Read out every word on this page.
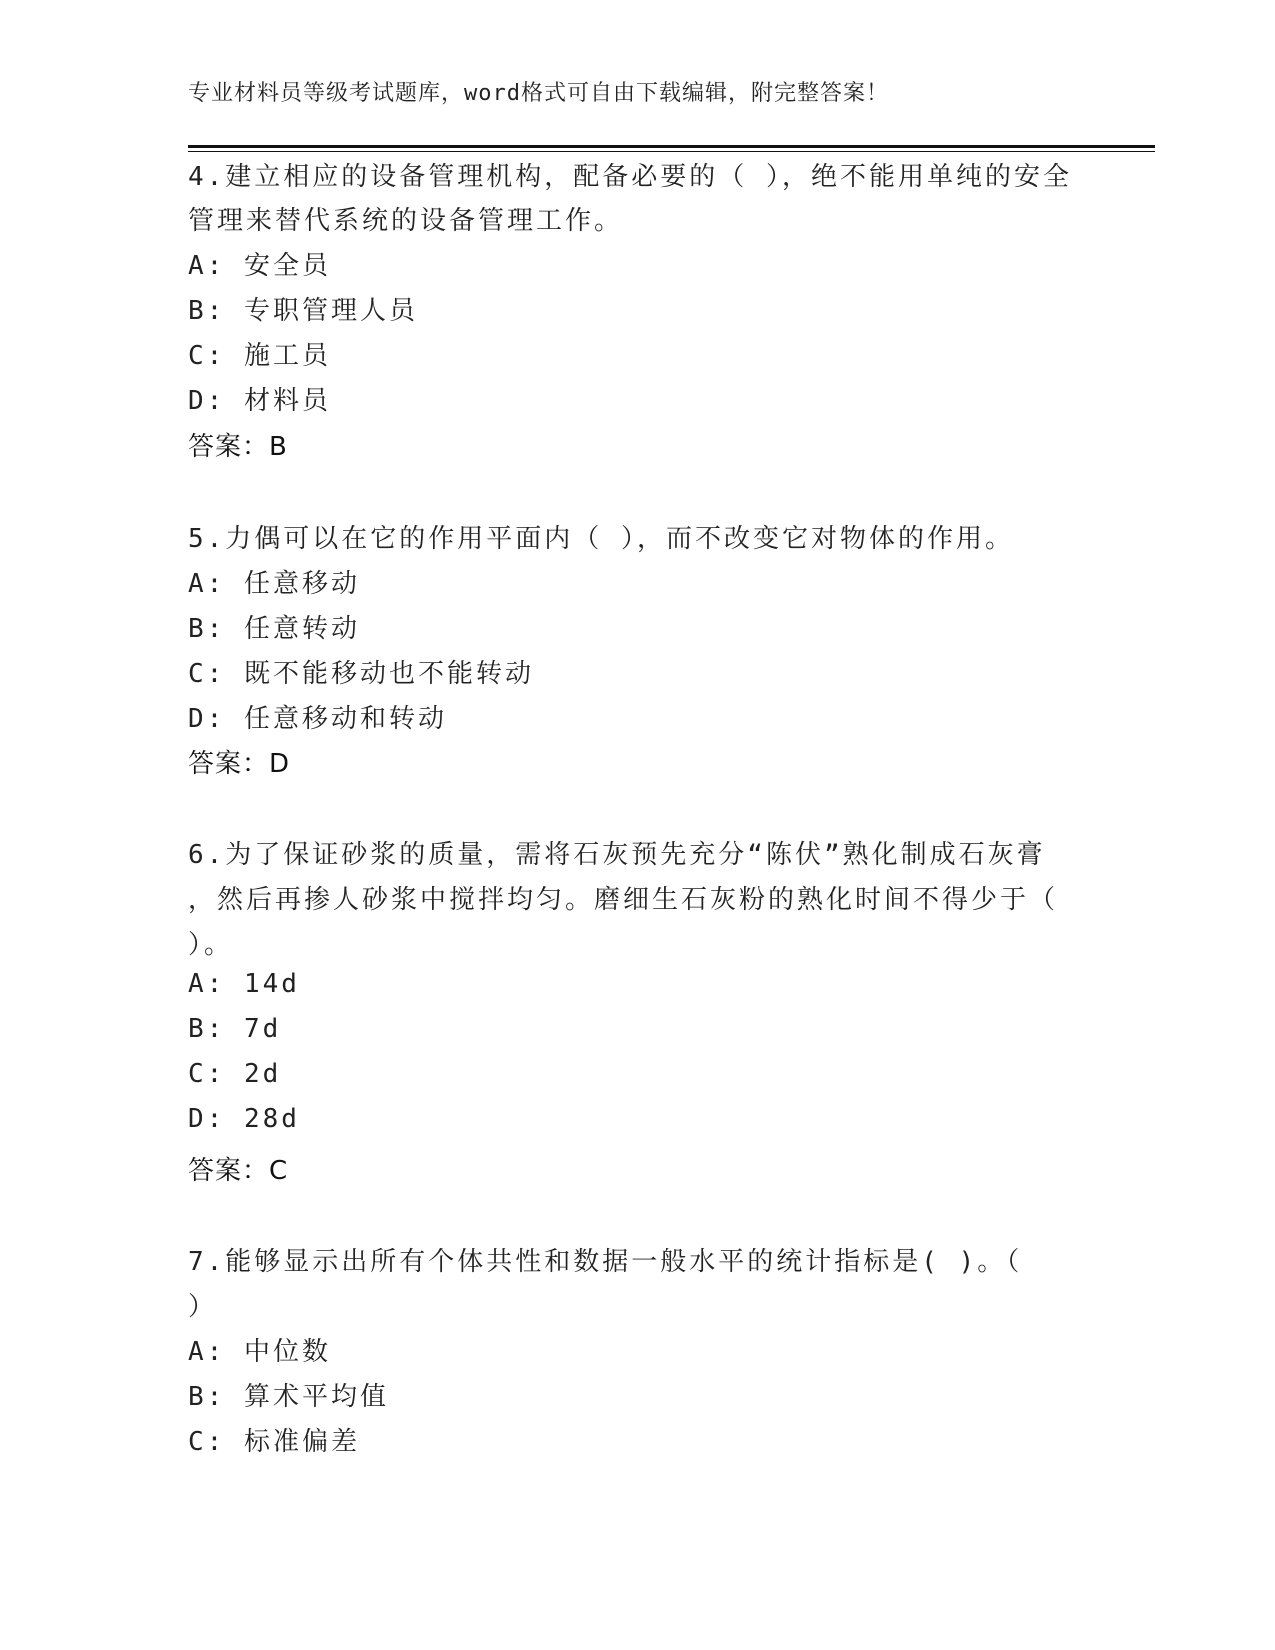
专业材料员等级考试题库，word格式可自由下载编辑，附完整答案！
4.建立相应的设备管理机构，配备必要的（ ），绝不能用单纯的安全
管理来替代系统的设备管理工作。
A: 安全员
B: 专职管理人员
C: 施工员
D: 材料员
答案：B
5.力偶可以在它的作用平面内（ ），而不改变它对物体的作用。
A: 任意移动
B: 任意转动
C: 既不能移动也不能转动
D: 任意移动和转动
答案：D
6.为了保证砂浆的质量，需将石灰预先充分“陈伏”熟化制成石灰膏
，然后再掺人砂浆中搅拌均匀。磨细生石灰粉的熟化时间不得少于（
）。
A: 14d
B: 7d
C: 2d
D: 28d
答案：C
7.能够显示出所有个体共性和数据一般水平的统计指标是( )。（
）
A: 中位数
B: 算术平均值
C: 标准偏差
